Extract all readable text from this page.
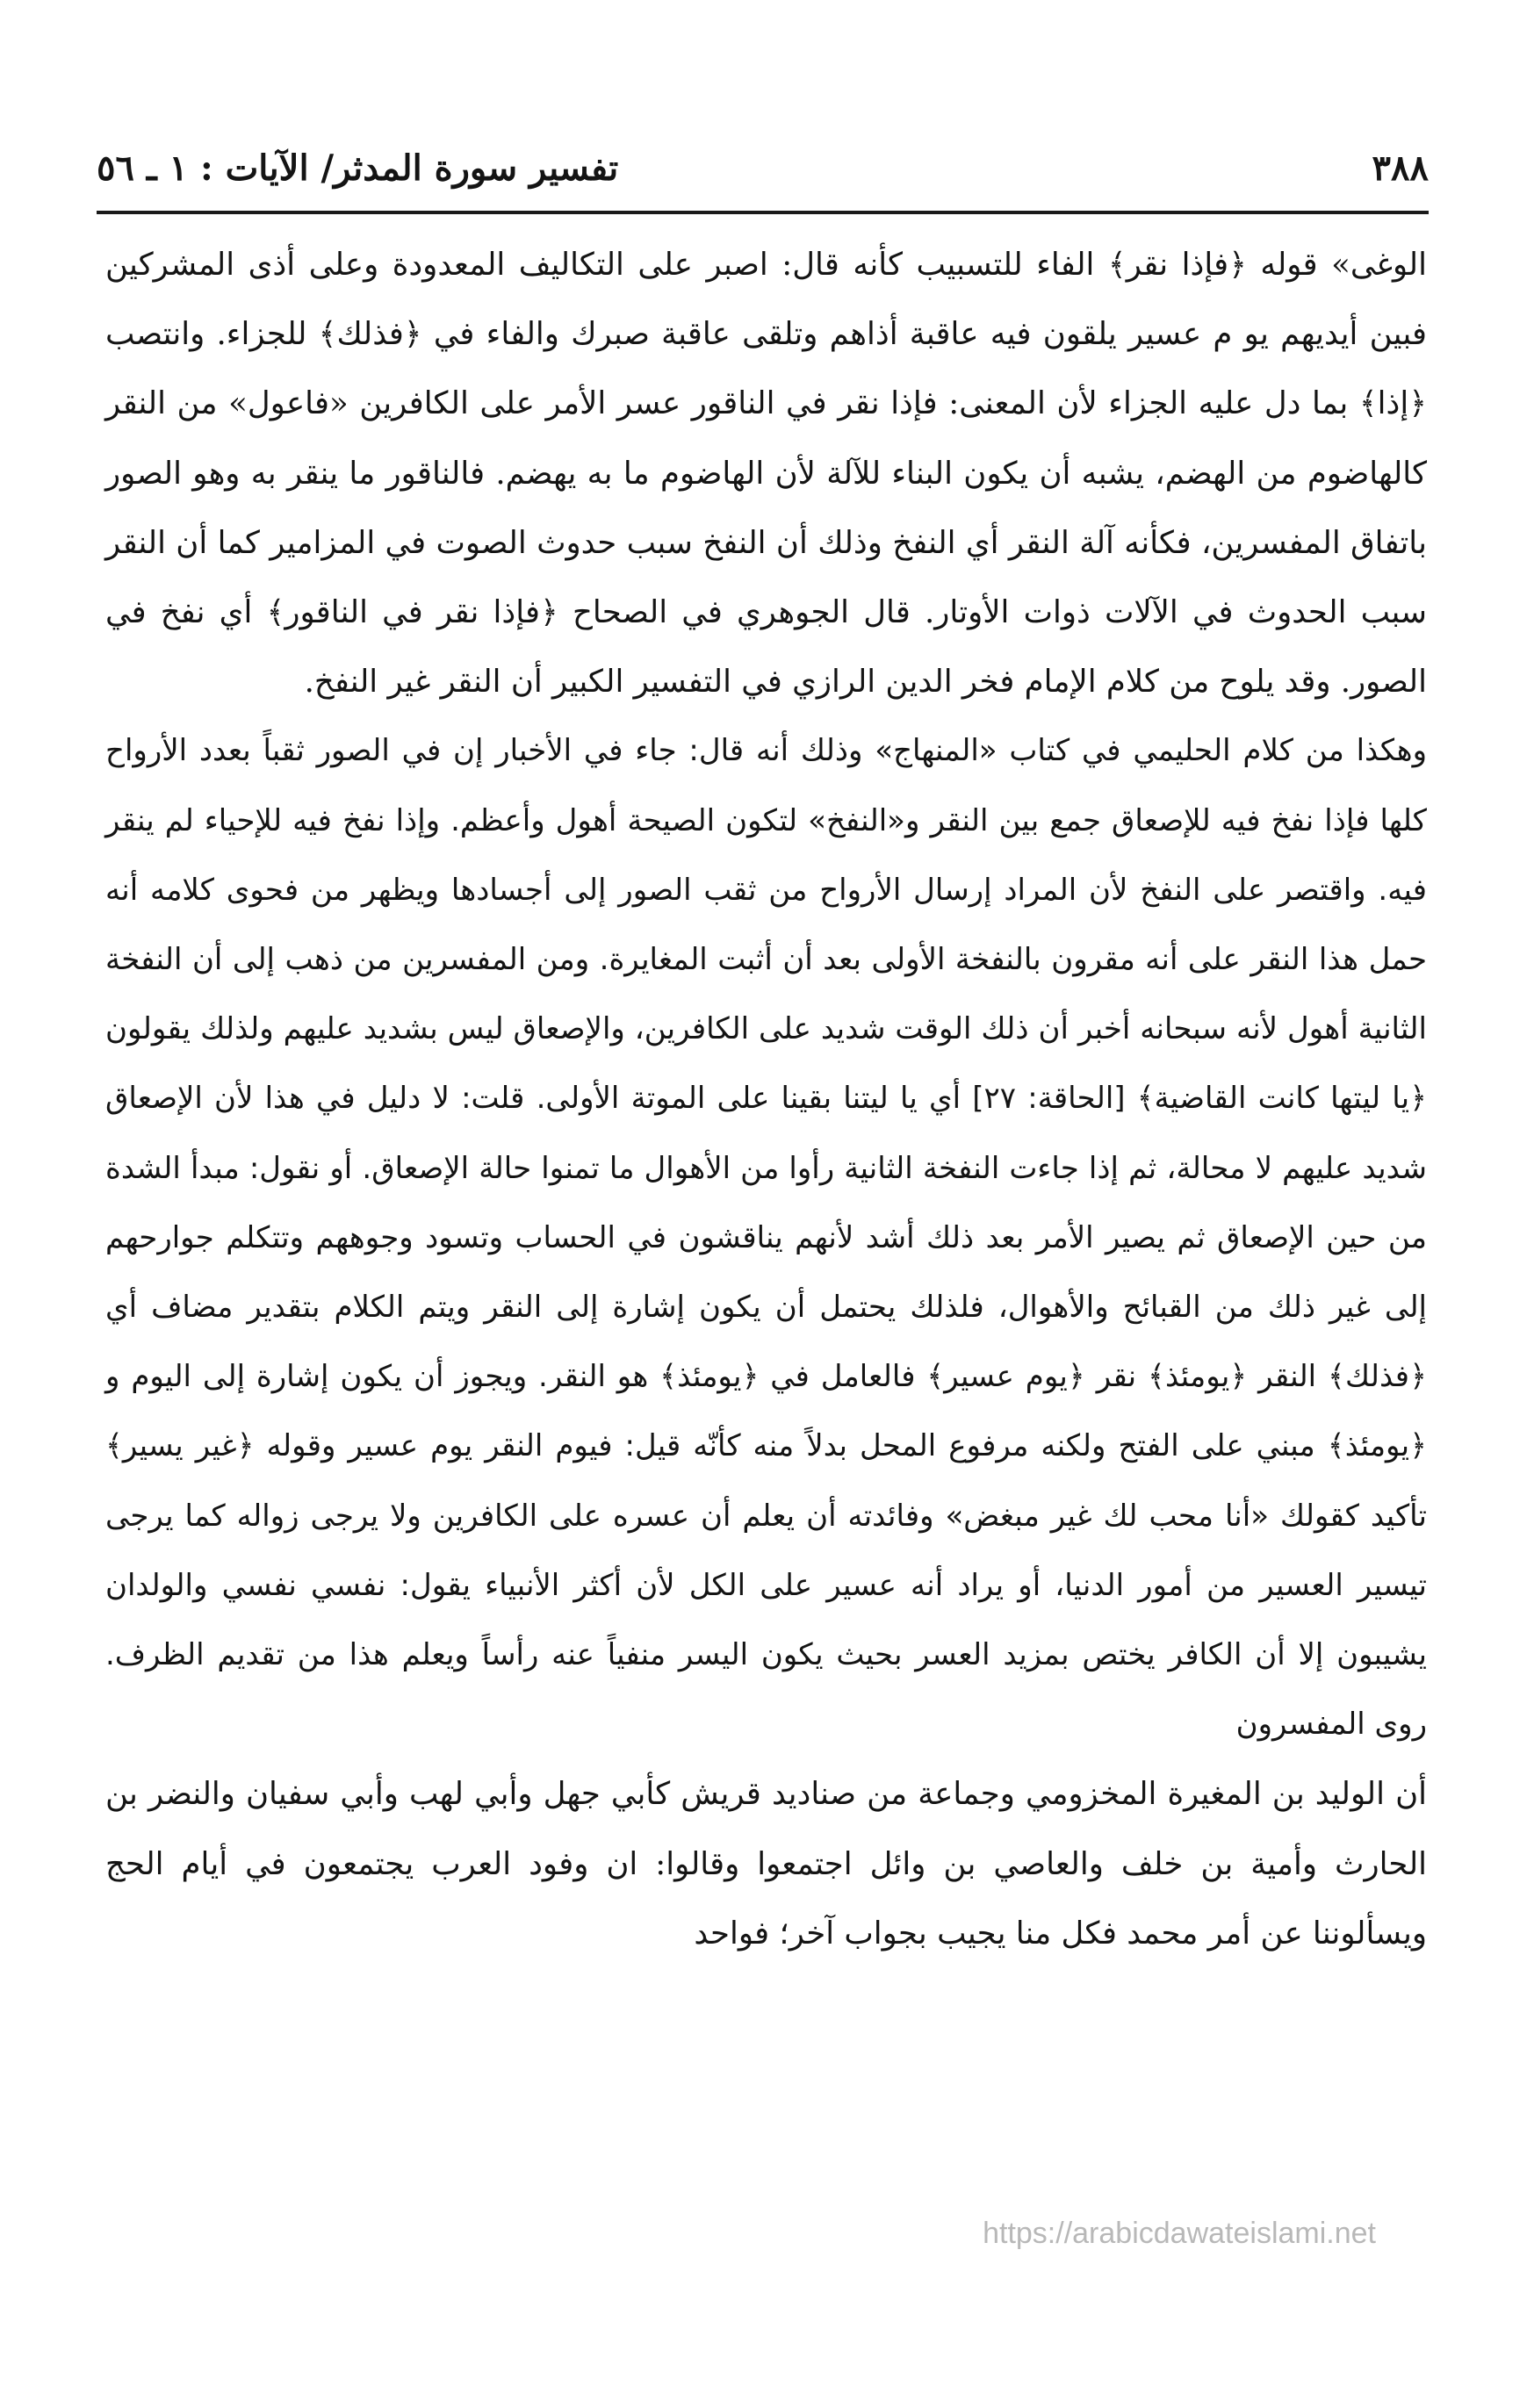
٣٨٨
تفسير سورة المدثر/ الآيات : ١ ـ ٥٦

الوغى» قوله ﴿فإذا نقر﴾ الفاء للتسبيب كأنه قال: اصبر على التكاليف المعدودة وعلى أذى المشركين فبين أيديهم يو م عسير يلقون فيه عاقبة أذاهم وتلقى عاقبة صبرك والفاء في ﴿فذلك﴾ للجزاء. وانتصب ﴿إذا﴾ بما دل عليه الجزاء لأن المعنى: فإذا نقر في الناقور عسر الأمر على الكافرين «فاعول» من النقر كالهاضوم من الهضم، يشبه أن يكون البناء للآلة لأن الهاضوم ما به يهضم. فالناقور ما ينقر به وهو الصور باتفاق المفسرين، فكأنه آلة النقر أي النفخ وذلك أن النفخ سبب حدوث الصوت في المزامير كما أن النقر سبب الحدوث في الآلات ذوات الأوتار. قال الجوهري في الصحاح ﴿فإذا نقر في الناقور﴾ أي نفخ في الصور. وقد يلوح من كلام الإمام فخر الدين الرازي في التفسير الكبير أن النقر غير النفخ.

وهكذا من كلام الحليمي في كتاب «المنهاج» وذلك أنه قال: جاء في الأخبار إن في الصور ثقباً بعدد الأرواح كلها فإذا نفخ فيه للإصعاق جمع بين النقر و«النفخ» لتكون الصيحة أهول وأعظم. وإذا نفخ فيه للإحياء لم ينقر فيه. واقتصر على النفخ لأن المراد إرسال الأرواح من ثقب الصور إلى أجسادها ويظهر من فحوى كلامه أنه حمل هذا النقر على أنه مقرون بالنفخة الأولى بعد أن أثبت المغايرة. ومن المفسرين من ذهب إلى أن النفخة الثانية أهول لأنه سبحانه أخبر أن ذلك الوقت شديد على الكافرين، والإصعاق ليس بشديد عليهم ولذلك يقولون ﴿يا ليتها كانت القاضية﴾ [الحاقة: ٢٧] أي يا ليتنا بقينا على الموتة الأولى. قلت: لا دليل في هذا لأن الإصعاق شديد عليهم لا محالة، ثم إذا جاءت النفخة الثانية رأوا من الأهوال ما تمنوا حالة الإصعاق. أو نقول: مبدأ الشدة من حين الإصعاق ثم يصير الأمر بعد ذلك أشد لأنهم يناقشون في الحساب وتسود وجوههم وتتكلم جوارحهم إلى غير ذلك من القبائح والأهوال، فلذلك يحتمل أن يكون إشارة إلى النقر ويتم الكلام بتقدير مضاف أي ﴿فذلك﴾ النقر ﴿يومئذ﴾ نقر ﴿يوم عسير﴾ فالعامل في ﴿يومئذ﴾ هو النقر. ويجوز أن يكون إشارة إلى اليوم و ﴿يومئذ﴾ مبني على الفتح ولكنه مرفوع المحل بدلاً منه كأنّه قيل: فيوم النقر يوم عسير وقوله ﴿غير يسير﴾ تأكيد كقولك «أنا محب لك غير مبغض» وفائدته أن يعلم أن عسره على الكافرين ولا يرجى زواله كما يرجى تيسير العسير من أمور الدنيا، أو يراد أنه عسير على الكل لأن أكثر الأنبياء يقول: نفسي نفسي والولدان يشيبون إلا أن الكافر يختص بمزيد العسر بحيث يكون اليسر منفياً عنه رأساً ويعلم هذا من تقديم الظرف. روى المفسرون

أن الوليد بن المغيرة المخزومي وجماعة من صناديد قريش كأبي جهل وأبي لهب وأبي سفيان والنضر بن الحارث وأمية بن خلف والعاصي بن وائل اجتمعوا وقالوا: ان وفود العرب يجتمعون في أيام الحج ويسألوننا عن أمر محمد فكل منا يجيب بجواب آخر؛ فواحد

https://arabicdawateislami.net
